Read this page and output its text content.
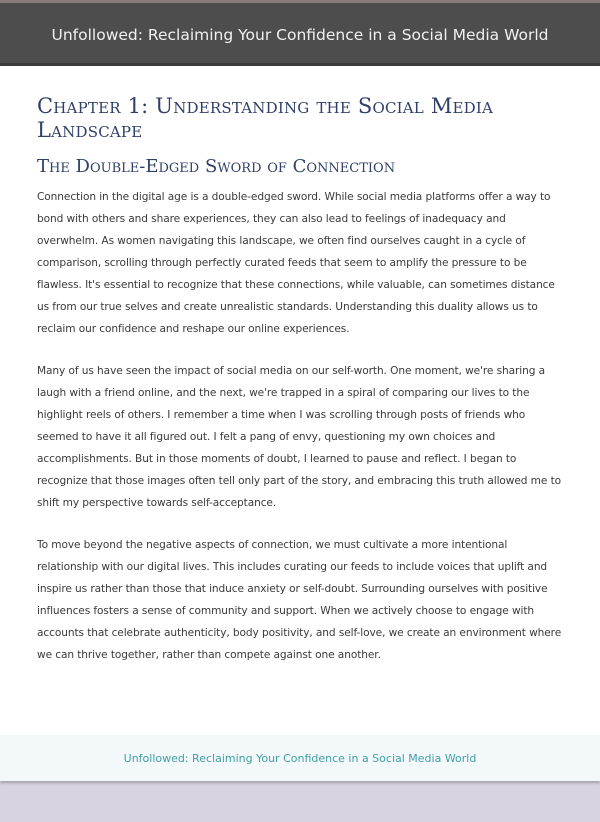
Unfollowed: Reclaiming Your Confidence in a Social Media World
Chapter 1: Understanding the Social Media Landscape
The Double-Edged Sword of Connection

Connection in the digital age is a double-edged sword. While social media platforms offer a way to bond with others and share experiences, they can also lead to feelings of inadequacy and overwhelm. As women navigating this landscape, we often find ourselves caught in a cycle of comparison, scrolling through perfectly curated feeds that seem to amplify the pressure to be flawless. It's essential to recognize that these connections, while valuable, can sometimes distance us from our true selves and create unrealistic standards. Understanding this duality allows us to reclaim our confidence and reshape our online experiences.

Many of us have seen the impact of social media on our self-worth. One moment, we're sharing a laugh with a friend online, and the next, we're trapped in a spiral of comparing our lives to the highlight reels of others. I remember a time when I was scrolling through posts of friends who seemed to have it all figured out. I felt a pang of envy, questioning my own choices and accomplishments. But in those moments of doubt, I learned to pause and reflect. I began to recognize that those images often tell only part of the story, and embracing this truth allowed me to shift my perspective towards self-acceptance.

To move beyond the negative aspects of connection, we must cultivate a more intentional relationship with our digital lives. This includes curating our feeds to include voices that uplift and inspire us rather than those that induce anxiety or self-doubt. Surrounding ourselves with positive influences fosters a sense of community and support. When we actively choose to engage with accounts that celebrate authenticity, body positivity, and self-love, we create an environment where we can thrive together, rather than compete against one another.

Unfollowed: Reclaiming Your Confidence in a Social Media World
